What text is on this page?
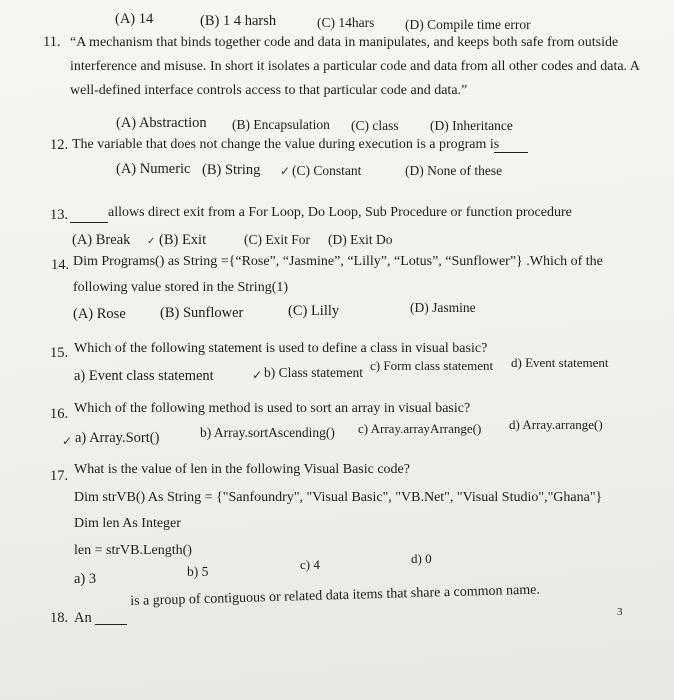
(A) 14	(B) 1 4 harsh	(C) 14hars (D) Compile time error
11. “A mechanism that binds together code and data in manipulates, and keeps both safe from outside
interference and misuse. In short it isolates a particular code and data from all other codes and data. A
well-defined interface controls access to that particular code and data.”
(A) Abstraction (B) Encapsulation (C) class (D) Inheritance
12. The variable that does not change the value during execution is a program is
(A) Numeric (B) String ✓ (C) Constant	(D) None of these
13.	allows direct exit from a For Loop, Do Loop, Sub Procedure or function procedure
(A) Break ✓ (B) Exit	(C) Exit For (D) Exit Do
14. Dim Programs() as String ={“Rose”, “Jasmine”, “Lilly”, “Lotus”, “Sunflower”} .Which of the
following value stored in the String(1)
(A) Rose (B) Sunflower	(C) Lilly	(D) Jasmine
15. Which of the following statement is used to define a class in visual basic?
a) Event class statement	✓ b) Class statement c) Form class statement d) Event statement
16. Which of the following method is used to sort an array in visual basic?
✓ a) Array.Sort()	b) Array.sortAscending() c) Array.arrayArrange() d) Array.arrange()
17. What is the value of len in the following Visual Basic code?
Dim strVB() As String = {"Sanfoundry", "Visual Basic", "VB.Net", "Visual Studio","Ghana"}
Dim len As Integer
len = strVB.Length()
a) 3	b) 5	c) 4	d) 0
18. An
is a group of contiguous or related data items that share a common name.
3
